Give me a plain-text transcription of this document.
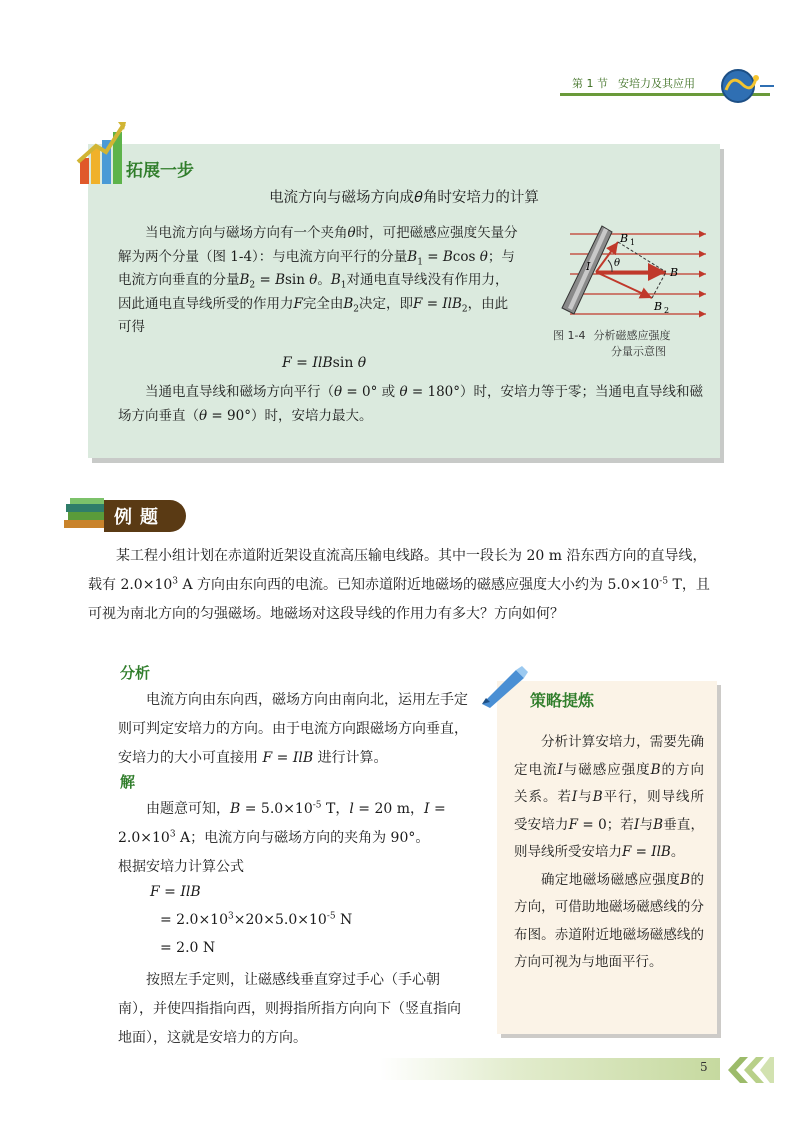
第 1 节 安培力及其应用
拓展一步
电流方向与磁场方向成θ角时安培力的计算
当电流方向与磁场方向有一个夹角θ时，可把磁感应强度矢量分解为两个分量（图 1-4）：与电流方向平行的分量$B_1 = Bcos$ θ；与电流方向垂直的分量$B_2 = Bsin$ θ。$B_1$对通电直导线没有作用力，因此通电直导线所受的作用力F完全由$B_2$决定，即F = IlB$_2$，由此可得
F = IlBsin θ
当通电直导线和磁场方向平行（θ = 0° 或 θ = 180°）时，安培力等于零；当通电直导线和磁场方向垂直（θ = 90°）时，安培力最大。
B 1
B
B 2
I θ
图 1-4 分析磁感应强度
分量示意图
例题
某工程小组计划在赤道附近架设直流高压输电线路。其中一段长为 20 m 沿东西方向的直导线，载有 $2.0\times 10^3$ A 方向由东向西的电流。已知赤道附近地磁场的磁感应强度大小约为 $5.0\times 10^{-5}$ T，且可视为南北方向的匀强磁场。地磁场对这段导线的作用力有多大？方向如何？
分析
电流方向由东向西，磁场方向由南向北，运用左手定则可判定安培力的方向。由于电流方向跟磁场方向垂直，安培力的大小可直接用 F = IlB 进行计算。
解
由题意可知，$B = 5.0\times 10^{-5}$ T，l = 20 m，$I = 2.0\times 10^3$ A；电流方向与磁场方向的夹角为 90°。
根据安培力计算公式
F = IlB
= $2.0\times 10^3\times 20\times 5.0\times 10^{-5}$ N
= 2.0 N
按照左手定则，让磁感线垂直穿过手心（手心朝南），并使四指指向西，则拇指所指方向向下（竖直指向地面），这就是安培力的方向。
策略提炼

分析计算安培力，需要先确定电流I与磁感应强度B的方向关系。若I与B平行，则导线所受安培力F = 0；若I与B垂直，则导线所受安培力F = IlB。

确定地磁场磁感应强度B的方向，可借助地磁场磁感线的分布图。赤道附近地磁场磁感线的方向可视为与地面平行。

5
